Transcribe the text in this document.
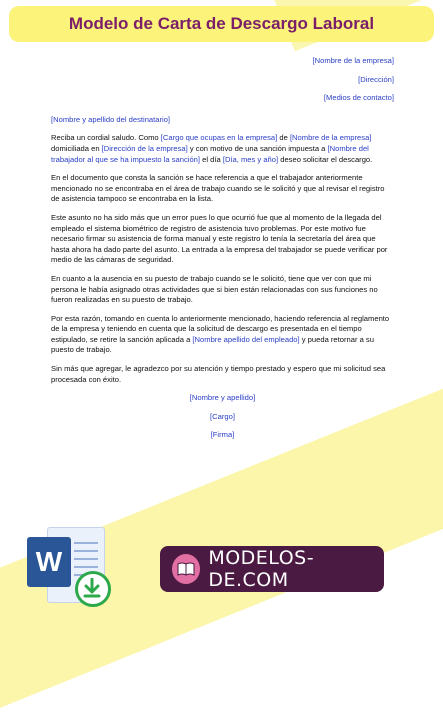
Modelo de Carta de Descargo Laboral

[Nombre de la empresa]

[Dirección]

[Medios de contacto]

[Nombre y apellido del destinatario]

Reciba un cordial saludo. Como [Cargo que ocupas en la empresa] de [Nombre de la empresa] domiciliada en [Dirección de la empresa] y con motivo de una sanción impuesta a [Nombre del trabajador al que se ha impuesto la sanción] el día [Día, mes y año] deseo solicitar el descargo.

En el documento que consta la sanción se hace referencia a que el trabajador anteriormente mencionado no se encontraba en el área de trabajo cuando se le solicitó y que al revisar el registro de asistencia tampoco se encontraba en la lista.

Este asunto no ha sido más que un error pues lo que ocurrió fue que al momento de la llegada del empleado el sistema biométrico de registro de asistencia tuvo problemas. Por este motivo fue necesario firmar su asistencia de forma manual y este registro lo tenía la secretaría del área que hasta ahora ha dado parte del asunto. La entrada a la empresa del trabajador se puede verificar por medio de las cámaras de seguridad.

En cuanto a la ausencia en su puesto de trabajo cuando se le solicitó, tiene que ver con que mi persona le había asignado otras actividades que si bien están relacionadas con sus funciones no fueron realizadas en su puesto de trabajo.

Por esta razón, tomando en cuenta lo anteriormente mencionado, haciendo referencia al reglamento de la empresa y teniendo en cuenta que la solicitud de descargo es presentada en el tiempo estipulado, se retire la sanción aplicada a [Nombre apellido del empleado] y pueda retornar a su puesto de trabajo.

Sin más que agregar, le agradezco por su atención y tiempo prestado y espero que mi solicitud sea procesada con éxito.

[Nombre y apellido]

[Cargo]

[Firma]

W	MODELOS-DE.COM
